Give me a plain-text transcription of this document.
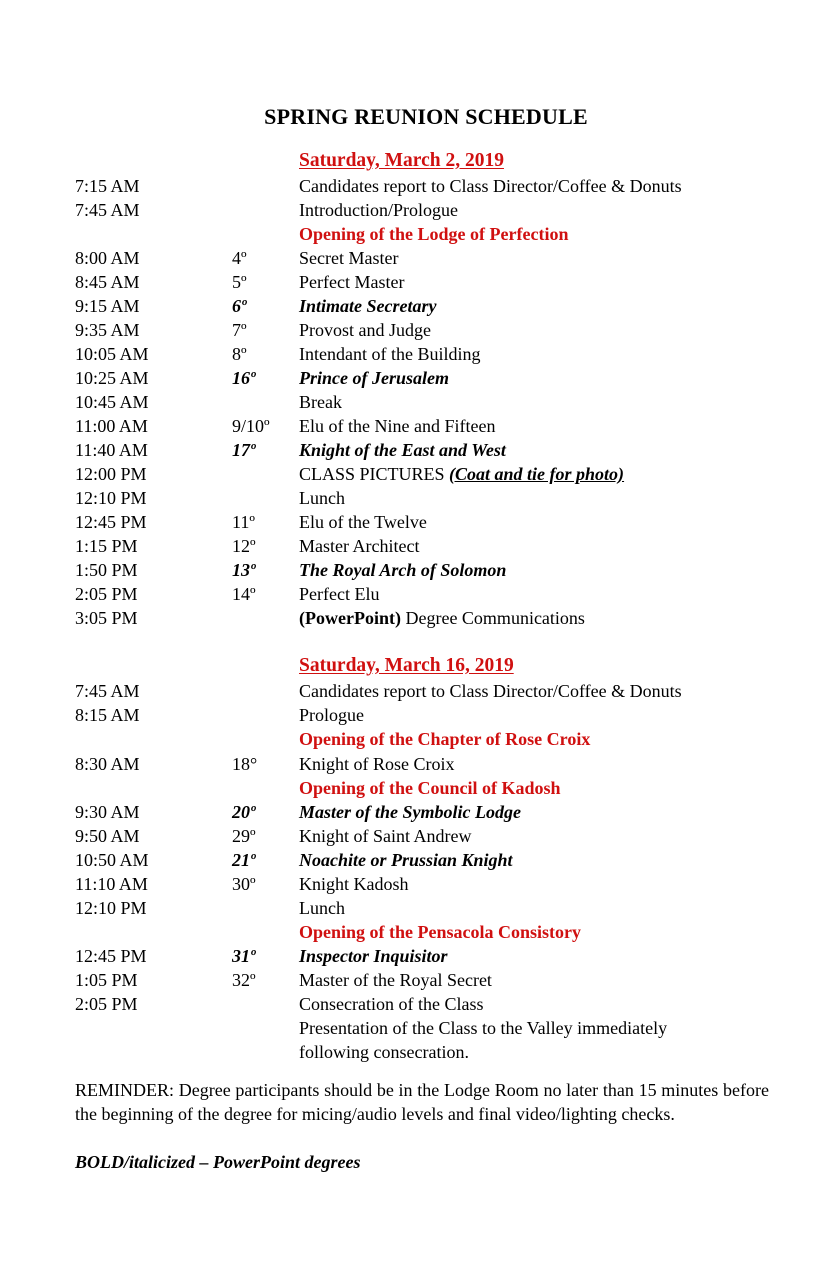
SPRING REUNION SCHEDULE
Saturday, March 2, 2019
7:15 AM	Candidates report to Class Director/Coffee & Donuts
7:45 AM	Introduction/Prologue
Opening of the Lodge of Perfection
8:00 AM	4º	Secret Master
8:45 AM	5º	Perfect Master
9:15 AM	6º	Intimate Secretary
9:35 AM	7º	Provost and Judge
10:05 AM	8º	Intendant of the Building
10:25 AM	16º Prince of Jerusalem
10:45 AM	Break
11:00 AM	9/10º Elu of the Nine and Fifteen
11:40 AM	17º Knight of the East and West
12:00 PM	CLASS PICTURES (Coat and tie for photo)
12:10 PM	Lunch
12:45 PM	11º Elu of the Twelve
1:15 PM	12º Master Architect
1:50 PM	13º The Royal Arch of Solomon
2:05 PM	14º Perfect Elu
3:05 PM	(PowerPoint) Degree Communications
Saturday, March 16, 2019
7:45 AM	Candidates report to Class Director/Coffee & Donuts
8:15 AM	Prologue
Opening of the Chapter of Rose Croix
8:30 AM	18° Knight of Rose Croix
Opening of the Council of Kadosh
9:30 AM	20º Master of the Symbolic Lodge
9:50 AM	29º Knight of Saint Andrew
10:50 AM	21º Noachite or Prussian Knight
11:10 AM	30º Knight Kadosh
12:10 PM	Lunch
Opening of the Pensacola Consistory
12:45 PM	31º Inspector Inquisitor
1:05 PM	32º Master of the Royal Secret
2:05 PM	Consecration of the Class
Presentation of the Class to the Valley immediately
following consecration.
REMINDER: Degree participants should be in the Lodge Room no later than 15 minutes before the beginning of the degree for micing/audio levels and final video/lighting checks.
BOLD/italicized – PowerPoint degrees
